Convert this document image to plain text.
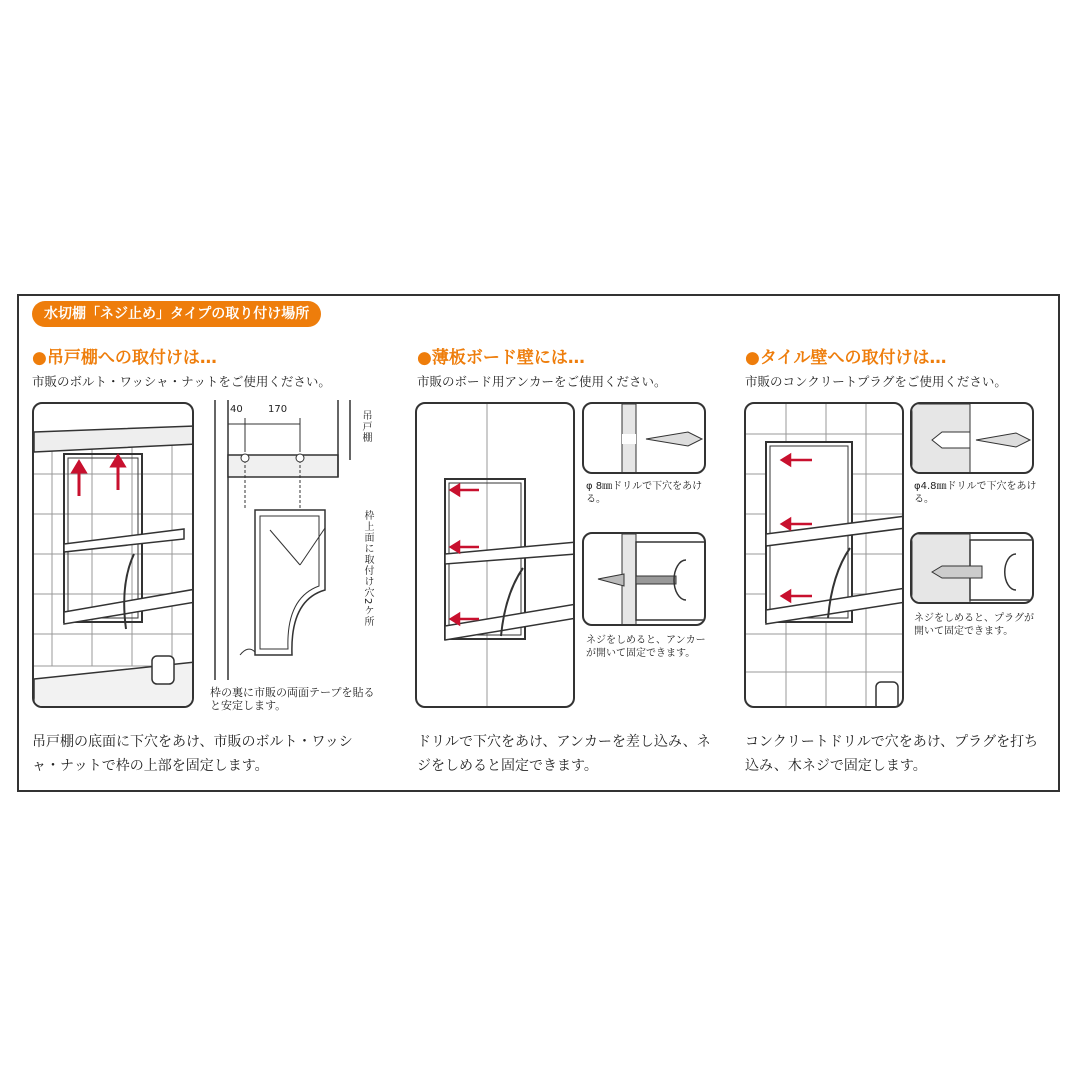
水切棚「ネジ止め」タイプの取り付け場所
●吊戸棚への取付けは…
市販のボルト・ワッシャ・ナットをご使用ください。
40	170
吊戸棚
枠上面に取付け穴2ケ所
枠の裏に市販の両面テープを貼ると安定します。
吊戸棚の底面に下穴をあけ、市販のボルト・ワッシャ・ナットで枠の上部を固定します。
●薄板ボード壁には…
市販のボード用アンカーをご使用ください。
φ 8㎜ドリルで下穴をあける。
ネジをしめると、アンカーが開いて固定できます。
ドリルで下穴をあけ、アンカーを差し込み、ネジをしめると固定できます。
●タイル壁への取付けは…
市販のコンクリートプラグをご使用ください。
φ4.8㎜ドリルで下穴をあける。
ネジをしめると、プラグが開いて固定できます。
コンクリートドリルで穴をあけ、プラグを打ち込み、木ネジで固定します。
